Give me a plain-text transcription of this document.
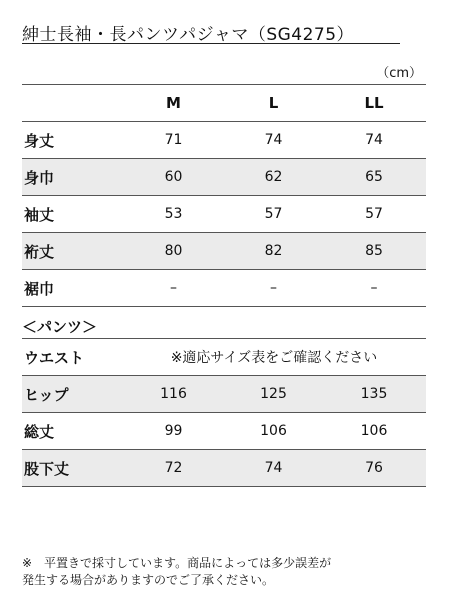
紳士長袖・長パンツパジャマ（SG4275）
（cm）
	M	L	LL
身丈	71	74	74
身巾	60	62	65
袖丈	53	57	57
裄丈	80	82	85
裾巾	–	–	–
＜パンツ＞
ウエスト	※適応サイズ表をご確認ください		
ヒップ	116	125	135
総丈	99	106	106
股下丈	72	74	76
※　平置きで採寸しています。商品によっては多少誤差が
発生する場合がありますのでご了承ください。
